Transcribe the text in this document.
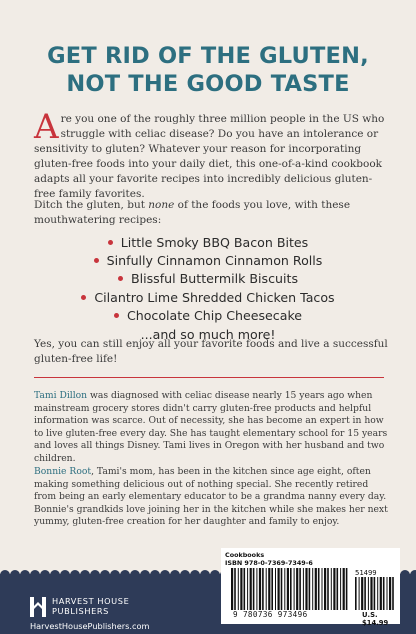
GET RID OF THE GLUTEN,
NOT THE GOOD TASTE

Are you one of the roughly three million people in the US who struggle with celiac disease? Do you have an intolerance or sensitivity to gluten? Whatever your reason for incorporating gluten-free foods into your daily diet, this one-of-a-kind cookbook adapts all your favorite recipes into incredibly delicious gluten-free family favorites.

Ditch the gluten, but none of the foods you love, with these mouthwatering recipes:

Little Smoky BBQ Bacon Bites
Sinfully Cinnamon Cinnamon Rolls
Blissful Buttermilk Biscuits
Cilantro Lime Shredded Chicken Tacos
Chocolate Chip Cheesecake
...and so much more!

Yes, you can still enjoy all your favorite foods and live a successful gluten-free life!

Tami Dillon was diagnosed with celiac disease nearly 15 years ago when mainstream grocery stores didn't carry gluten-free products and helpful information was scarce. Out of necessity, she has become an expert in how to live gluten-free every day. She has taught elementary school for 15 years and loves all things Disney. Tami lives in Oregon with her husband and two children.

Bonnie Root, Tami's mom, has been in the kitchen since age eight, often making something delicious out of nothing special. She recently retired from being an early elementary educator to be a grandma nanny every day. Bonnie's grandkids love joining her in the kitchen while she makes her next yummy, gluten-free creation for her daughter and family to enjoy.

HARVEST HOUSE
PUBLISHERS
HarvestHousePublishers.com
Cookbooks
ISBN 978-0-7369-7349-6
51499
9 780736 973496	U.S. $14.99
